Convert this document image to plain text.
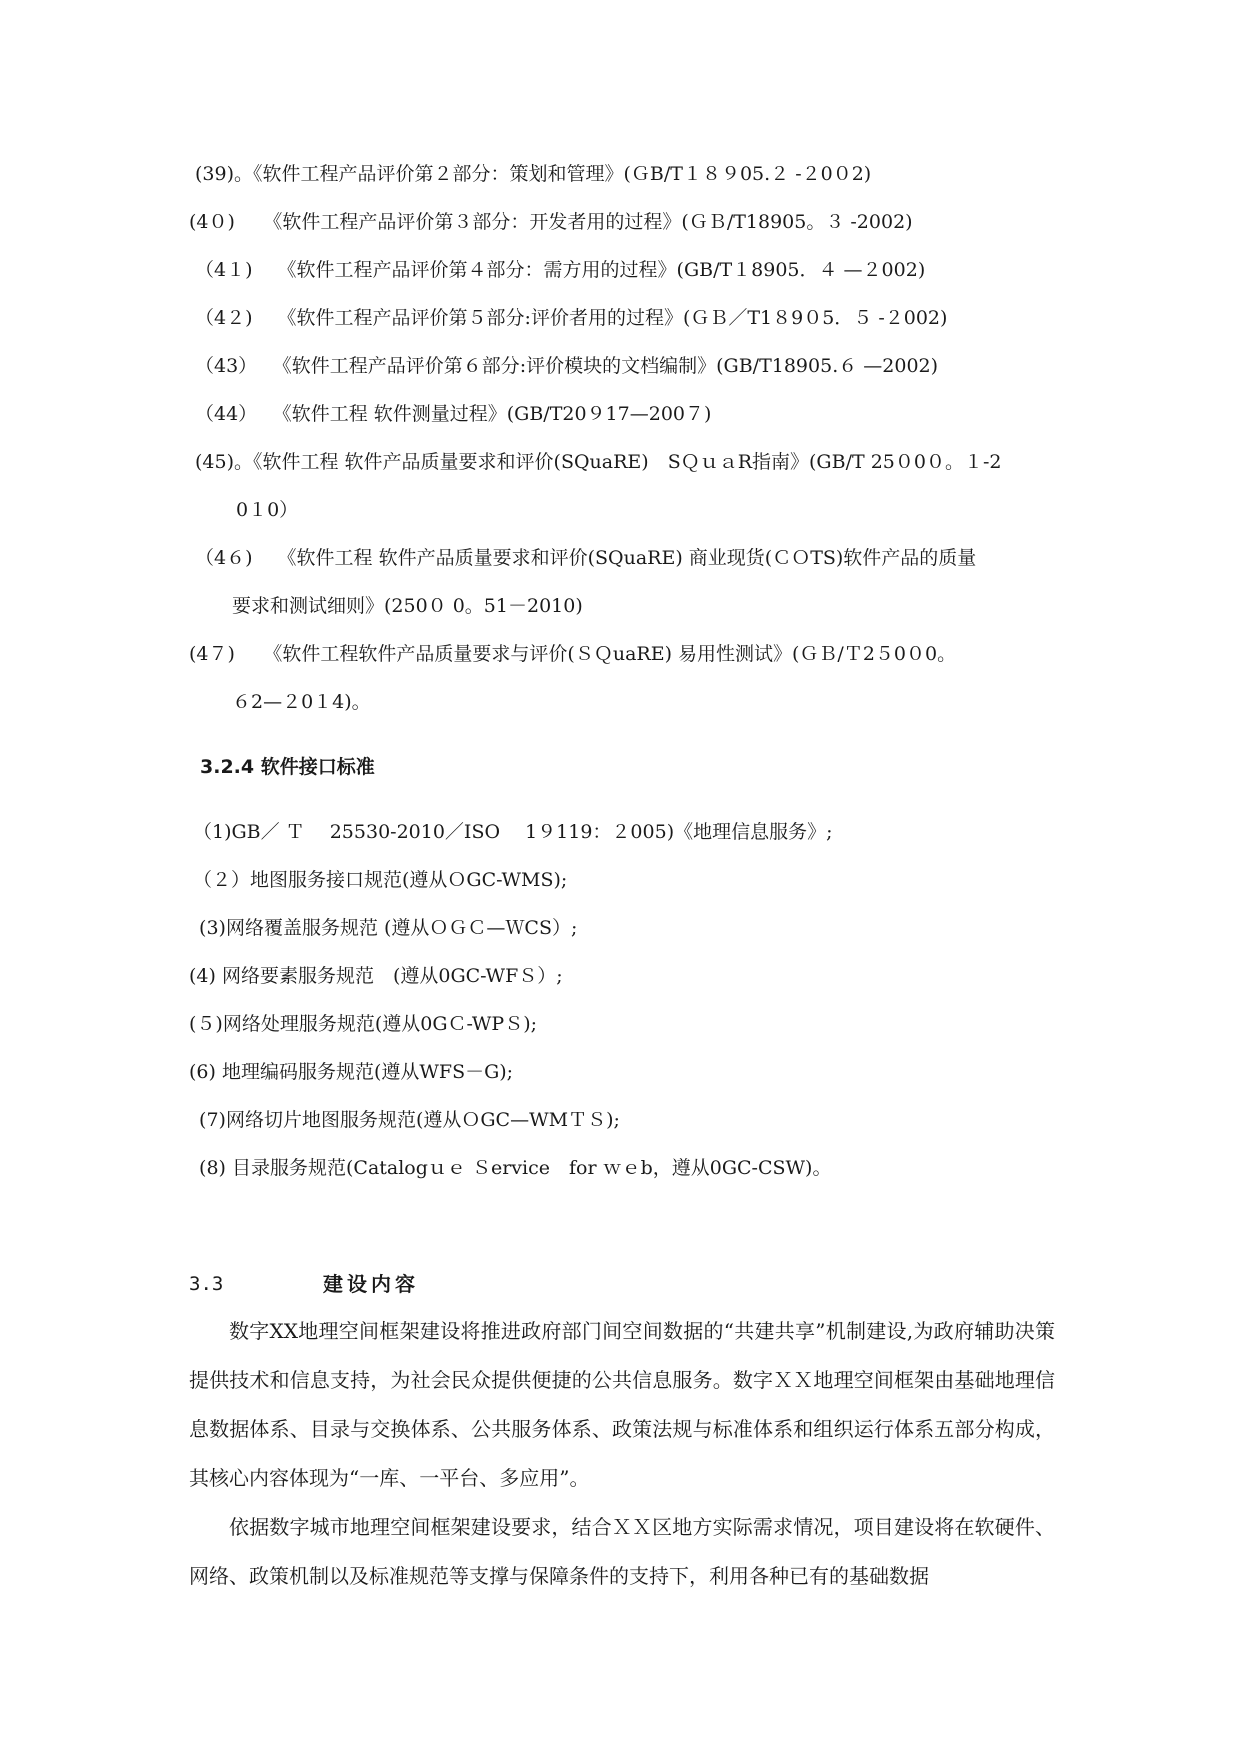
(39)。《软件工程产品评价第２部分：策划和管理》(ＧB/T１８９05.２ -２0０2)
(4０)　　《软件工程产品评价第３部分：开发者用的过程》(ＧＢ/T18905。３ -2002)
（4１)　 《软件工程产品评价第４部分：需方用的过程》(GB/T１8905．４ —２002)
（4２)　 《软件工程产品评价第５部分:评价者用的过程》(ＧＢ／T1８9０5．５ -２002)
（43）　 《软件工程产品评价第６部分:评价模块的文档编制》(GB/T18905.６ —2002)
（44）　 《软件工程 软件测量过程》(GB/T20９17—200７)
(45)。《软件工程 软件产品质量要求和评价(SQuaRE)　SＱｕａR指南》(GB/T 25０0０。１-2
0１0）
（4６)　 《软件工程 软件产品质量要求和评价(SQuaRE) 商业现货(ＣＯTS)软件产品的质量
要求和测试细则》(250０ 0。51－2010)
(4７)　　《软件工程软件产品质量要求与评价(ＳＱuaRE) 易用性测试》(ＧＢ/Ｔ2５0０0。
６2—２0１4)。
3.2.4 软件接口标准
（1)GB／ Ｔ　 25530-2010／ISO　 1９119：２005)《地理信息服务》;
（２）地图服务接口规范(遵从ＯGC-WMS);
(3)网络覆盖服务规范 (遵从ＯＧＣ—ＷCS）;
(4) 网络要素服务规范　(遵从0GC-WFＳ）;
(５)网络处理服务规范(遵从0GＣ-WPＳ);
(6) 地理编码服务规范(遵从WFS－G);
(7)网络切片地图服务规范(遵从ＯGC—WMＴＳ);
(8) 目录服务规范(Catalogｕｅ Ｓervice　for ｗｅb，遵从0GC-CSW)。
3.3	建设内容
数字XX地理空间框架建设将推进政府部门间空间数据的“共建共享”机制建设,为政府辅助决策提供技术和信息支持，为社会民众提供便捷的公共信息服务。数字ＸＸ地理空间框架由基础地理信息数据体系、目录与交换体系、公共服务体系、政策法规与标准体系和组织运行体系五部分构成，其核心内容体现为“一库、一平台、多应用”。
依据数字城市地理空间框架建设要求，结合ＸＸ区地方实际需求情况，项目建设将在软硬件、网络、政策机制以及标准规范等支撑与保障条件的支持下，利用各种已有的基础数据
